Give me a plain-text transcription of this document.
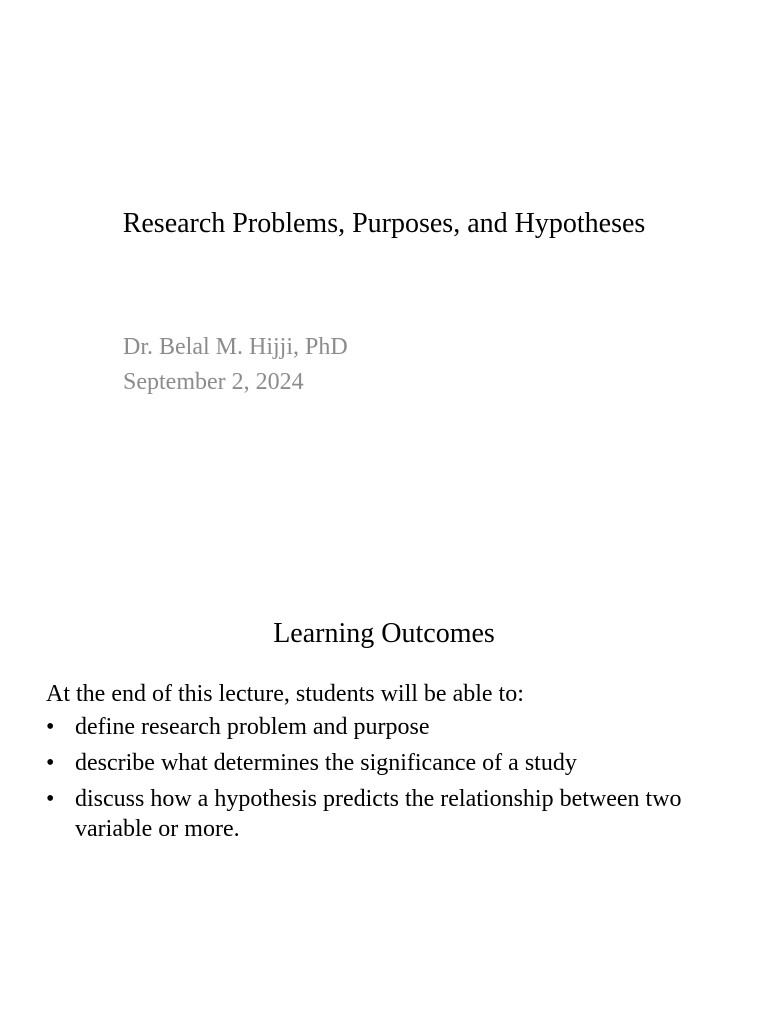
Research Problems, Purposes, and Hypotheses
Dr. Belal M. Hijji, PhD
September 2, 2024
Learning Outcomes
At the end of this lecture, students will be able to:
• define research problem and purpose
• describe what determines the significance of a study
• discuss how a hypothesis predicts the relationship between two variable or more.
